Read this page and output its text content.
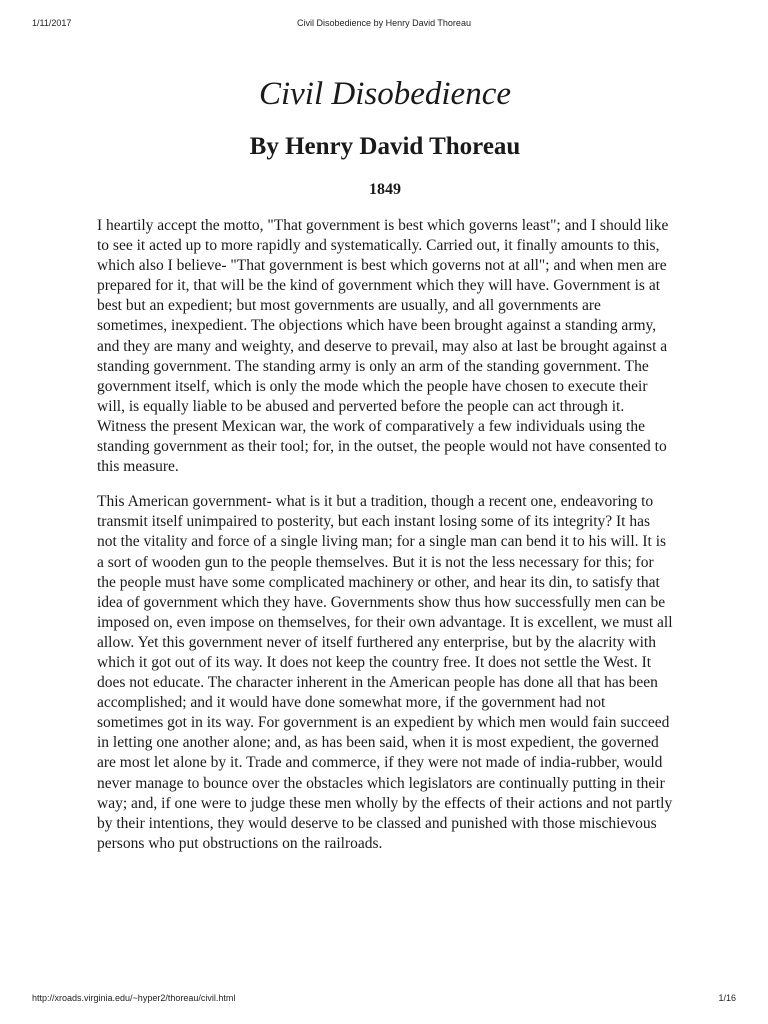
1/11/2017	Civil Disobedience by Henry David Thoreau
Civil Disobedience
By Henry David Thoreau
1849

I heartily accept the motto, "That government is best which governs least"; and I should like to see it acted up to more rapidly and systematically. Carried out, it finally amounts to this, which also I believe- "That government is best which governs not at all"; and when men are prepared for it, that will be the kind of government which they will have. Government is at best but an expedient; but most governments are usually, and all governments are sometimes, inexpedient. The objections which have been brought against a standing army, and they are many and weighty, and deserve to prevail, may also at last be brought against a standing government. The standing army is only an arm of the standing government. The government itself, which is only the mode which the people have chosen to execute their will, is equally liable to be abused and perverted before the people can act through it. Witness the present Mexican war, the work of comparatively a few individuals using the standing government as their tool; for, in the outset, the people would not have consented to this measure.

This American government- what is it but a tradition, though a recent one, endeavoring to transmit itself unimpaired to posterity, but each instant losing some of its integrity? It has not the vitality and force of a single living man; for a single man can bend it to his will. It is a sort of wooden gun to the people themselves. But it is not the less necessary for this; for the people must have some complicated machinery or other, and hear its din, to satisfy that idea of government which they have. Governments show thus how successfully men can be imposed on, even impose on themselves, for their own advantage. It is excellent, we must all allow. Yet this government never of itself furthered any enterprise, but by the alacrity with which it got out of its way. It does not keep the country free. It does not settle the West. It does not educate. The character inherent in the American people has done all that has been accomplished; and it would have done somewhat more, if the government had not sometimes got in its way. For government is an expedient by which men would fain succeed in letting one another alone; and, as has been said, when it is most expedient, the governed are most let alone by it. Trade and commerce, if they were not made of india-rubber, would never manage to bounce over the obstacles which legislators are continually putting in their way; and, if one were to judge these men wholly by the effects of their actions and not partly by their intentions, they would deserve to be classed and punished with those mischievous persons who put obstructions on the railroads.

http://xroads.virginia.edu/~hyper2/thoreau/civil.html	1/16
